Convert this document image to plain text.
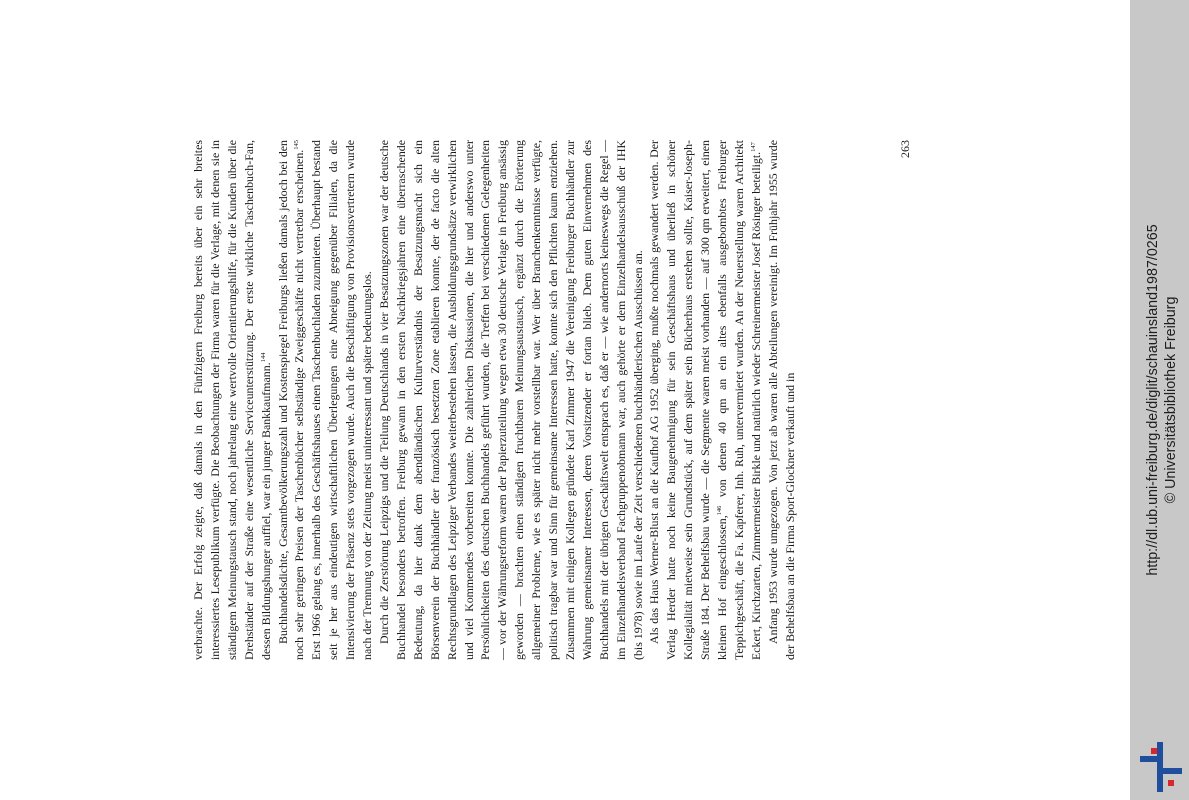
verbrachte. Der Erfolg zeigte, daß damals in den Fünfzigern Freiburg bereits über ein sehr breites interessiertes Lesepublikum verfügte. Die Beobachtungen der Firma waren für die Verlage, mit denen sie in ständigem Meinungstausch stand, noch jahrelang eine wertvolle Orientierungshilfe, für die Kunden über die Drehständer auf der Straße eine wesentliche Serviceunterstützung. Der erste wirkliche Taschenbuch-Fan, dessen Bildungshunger auffiel, war ein junger Bankkaufmann.$^{144}$ Buchhandelsdichte, Gesamtbevölkerungszahl und Kostenspiegel Freiburgs ließen damals jedoch bei den noch sehr geringen Preisen der Taschenbücher selbständige Zweiggeschäfte nicht vertretbar erscheinen.$^{145}$ Erst 1966 gelang es, innerhalb des Geschäftshauses einen Taschenbuchladen zuzumieten. Überhaupt bestand seit je her aus eindeutigen wirtschaftlichen Überlegungen eine Abneigung gegenüber Filialen, da die Intensivierung der Präsenz stets vorgezogen wurde. Auch die Beschäftigung von Provisionsvertretern wurde nach der Trennung von der Zeitung meist uninteressant und später bedeutungslos. Durch die Zerstörung Leipzigs und die Teilung Deutschlands in vier Besatzungszonen war der deutsche Buchhandel besonders betroffen. Freiburg gewann in den ersten Nachkriegsjahren eine überraschende Bedeutung, da hier dank dem abendländischen Kulturverständnis der Besatzungsmacht sich ein Börsenverein der Buchhändler der französisch besetzten Zone etablieren konnte, der de facto die alten Rechtsgrundlagen des Leipziger Verbandes weiterbestehen lassen, die Ausbildungsgrundsätze verwirklichen und viel Kommendes vorbereiten konnte. Die zahlreichen Diskussionen, die hier und anderswo unter Persönlichkeiten des deutschen Buchhandels geführt wurden, die Treffen bei verschiedenen Gelegenheiten — vor der Währungsreform waren der Papierzuteilung wegen etwa 30 deutsche Verlage in Freiburg ansässig geworden — brachten einen ständigen fruchtbaren Meinungsaustausch, ergänzt durch die Erörterung allgemeiner Probleme, wie es später nicht mehr vorstellbar war. Wer über Branchenkenntnisse verfügte, politisch tragbar war und Sinn für gemeinsame Interessen hatte, konnte sich den Pflichten kaum entziehen. Zusammen mit einigen Kollegen gründete Karl Zimmer 1947 die Vereinigung Freiburger Buchhändler zur Wahrung gemeinsamer Interessen, deren Vorsitzender er fortan blieb. Dem guten Einvernehmen des Buchhandels mit der übrigen Geschäftswelt entsprach es, daß er — wie andernorts keineswegs die Regel — im Einzelhandelsverband Fachgruppenobmann war, auch gehörte er dem Einzelhandelsausschuß der IHK (bis 1978) sowie im Laufe der Zeit verschiedenen buchhändlerischen Ausschüssen an. Als das Haus Werner-Blust an die Kaufhof AG 1952 überging, mußte nochmals gewandert werden. Der Verlag Herder hatte noch keine Baugenehmigung für sein Geschäftshaus und überließ in schöner Kollegialität mietweise sein Grundstück, auf dem später sein Bücherhaus erstehen sollte, Kaiser-Joseph-Straße 184. Der Behelfsbau wurde — die Segmente waren meist vorhanden — auf 300 qm erweitert, einen kleinen Hof eingeschlossen,$^{146}$ von denen 40 qm an ein altes ebenfalls ausgebombtes Freiburger Teppichgeschäft, die Fa. Kapferer, Inh. Ruh, untervermietet wurden. An der Neuerstellung waren Architekt Eckert, Kirchzarten, Zimmermeister Birkle und natürlich wieder Schreinermeister Josef Rösinger beteiligt.$^{147}$ Anfang 1953 wurde umgezogen. Von jetzt ab waren alle Abteilungen vereinigt. Im Frühjahr 1955 wurde der Behelfsbau an die Firma Sport-Glockner verkauft und in

263
http://dl.ub.uni-freiburg.de/diglit/schauinsland1987/0265 © Universitätsbibliothek Freiburg
